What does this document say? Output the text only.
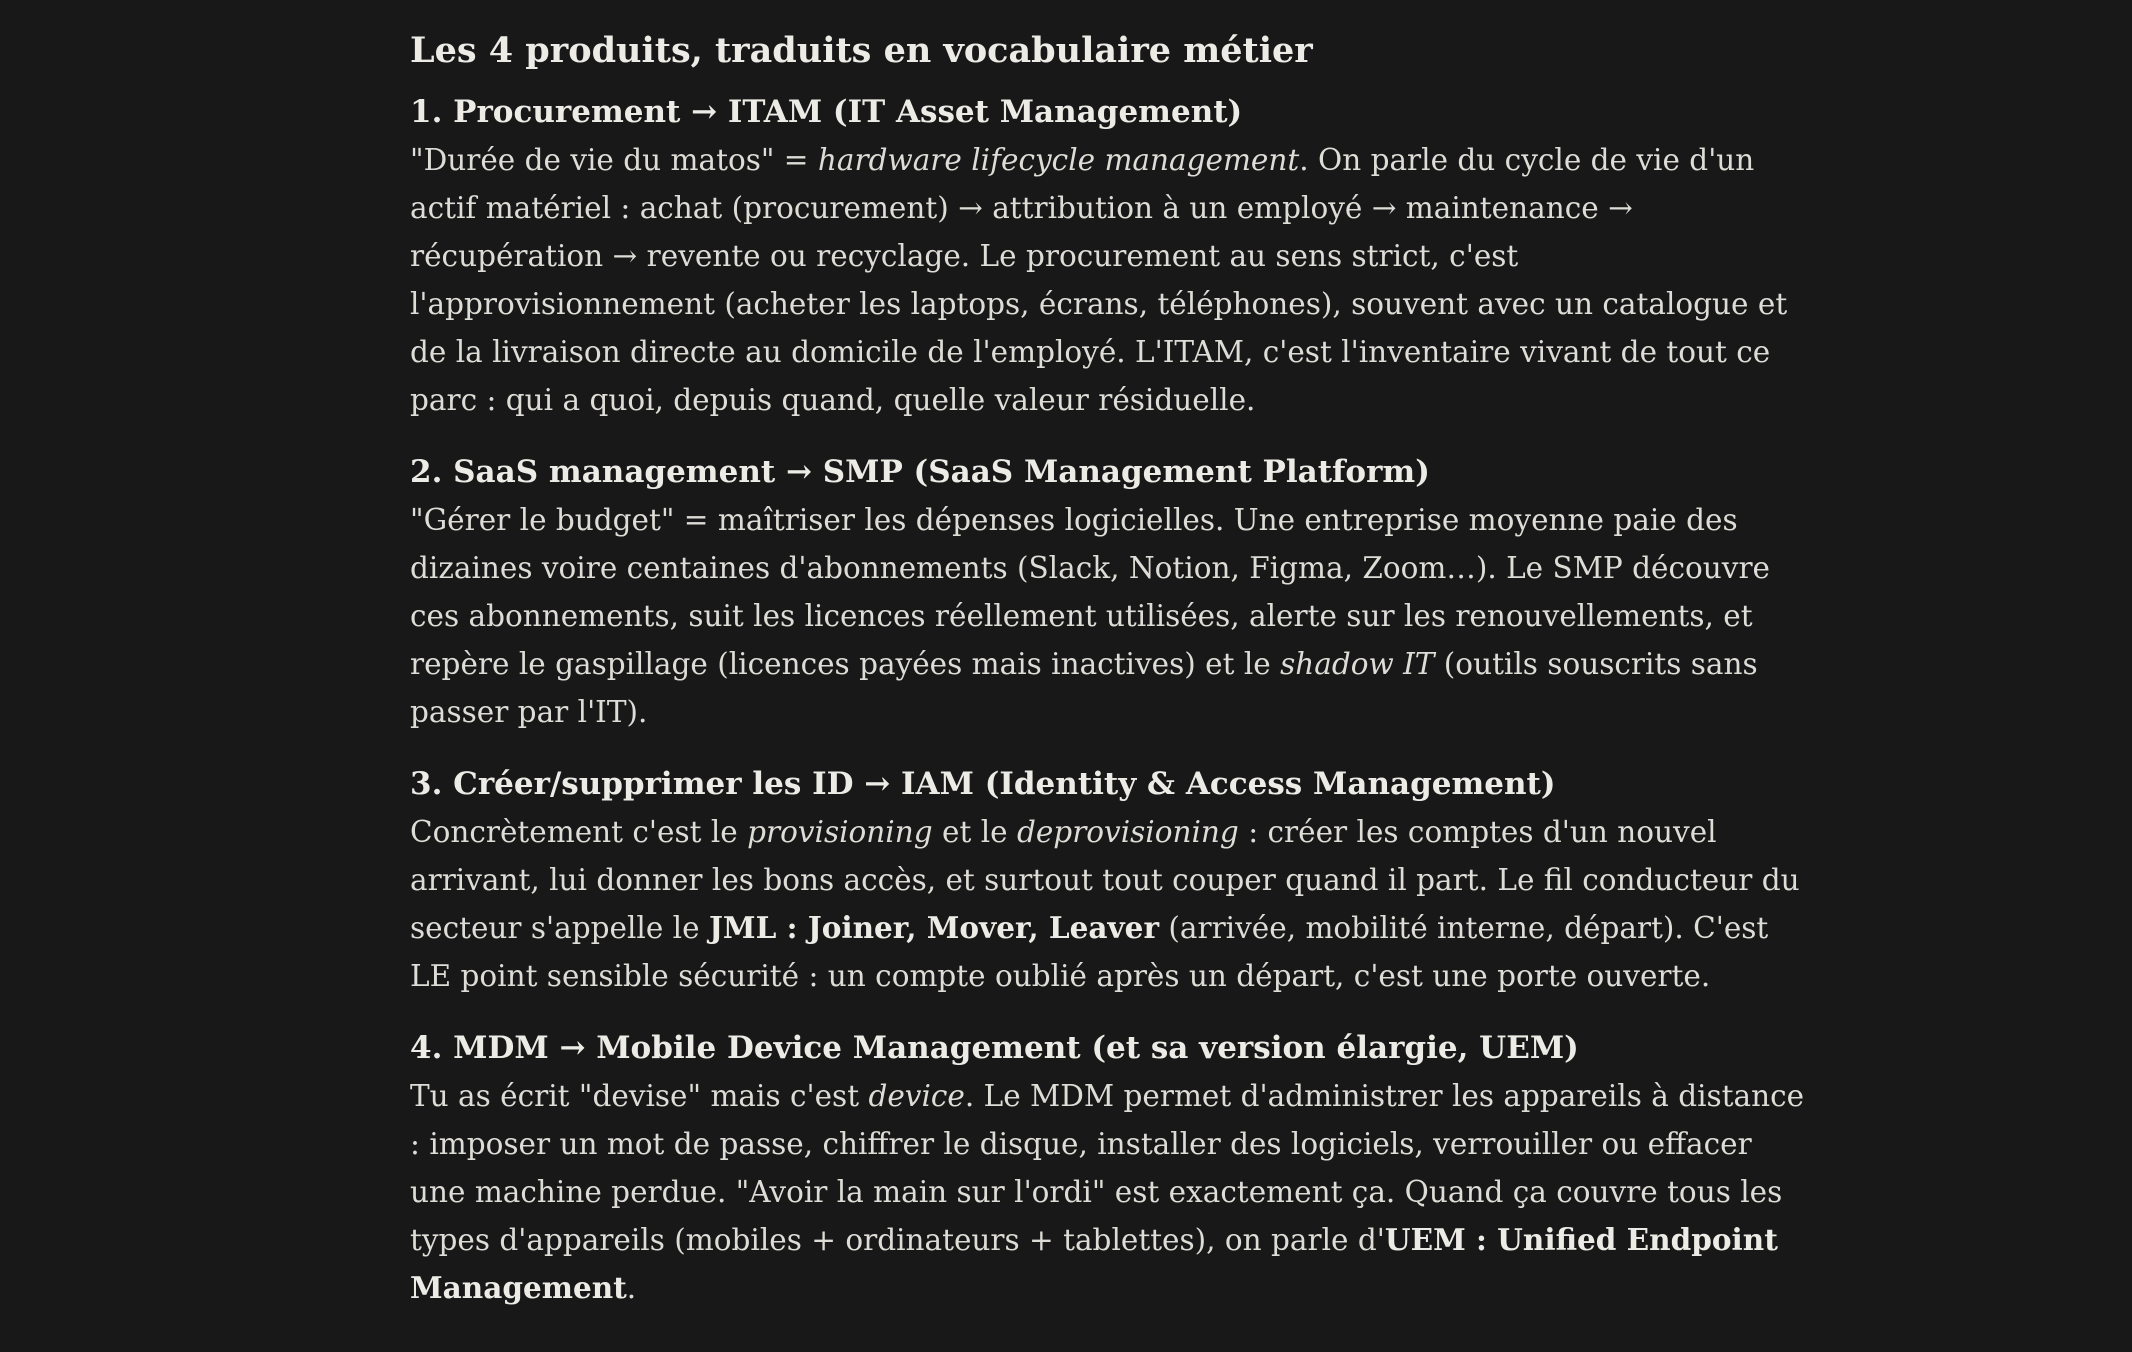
Les 4 produits, traduits en vocabulaire métier
1. Procurement → ITAM (IT Asset Management)

"Durée de vie du matos" = hardware lifecycle management. On parle du cycle de vie d'un actif matériel : achat (procurement) → attribution à un employé → maintenance → récupération → revente ou recyclage. Le procurement au sens strict, c'est l'approvisionnement (acheter les laptops, écrans, téléphones), souvent avec un catalogue et de la livraison directe au domicile de l'employé. L'ITAM, c'est l'inventaire vivant de tout ce parc : qui a quoi, depuis quand, quelle valeur résiduelle.

2. SaaS management → SMP (SaaS Management Platform)

"Gérer le budget" = maîtriser les dépenses logicielles. Une entreprise moyenne paie des dizaines voire centaines d'abonnements (Slack, Notion, Figma, Zoom…). Le SMP découvre ces abonnements, suit les licences réellement utilisées, alerte sur les renouvellements, et repère le gaspillage (licences payées mais inactives) et le shadow IT (outils souscrits sans passer par l'IT).

3. Créer/supprimer les ID → IAM (Identity & Access Management)

Concrètement c'est le provisioning et le deprovisioning : créer les comptes d'un nouvel arrivant, lui donner les bons accès, et surtout tout couper quand il part. Le fil conducteur du secteur s'appelle le JML : Joiner, Mover, Leaver (arrivée, mobilité interne, départ). C'est LE point sensible sécurité : un compte oublié après un départ, c'est une porte ouverte.

4. MDM → Mobile Device Management (et sa version élargie, UEM)

Tu as écrit "devise" mais c'est device. Le MDM permet d'administrer les appareils à distance : imposer un mot de passe, chiffrer le disque, installer des logiciels, verrouiller ou effacer une machine perdue. "Avoir la main sur l'ordi" est exactement ça. Quand ça couvre tous les types d'appareils (mobiles + ordinateurs + tablettes), on parle d'UEM : Unified Endpoint Management.
